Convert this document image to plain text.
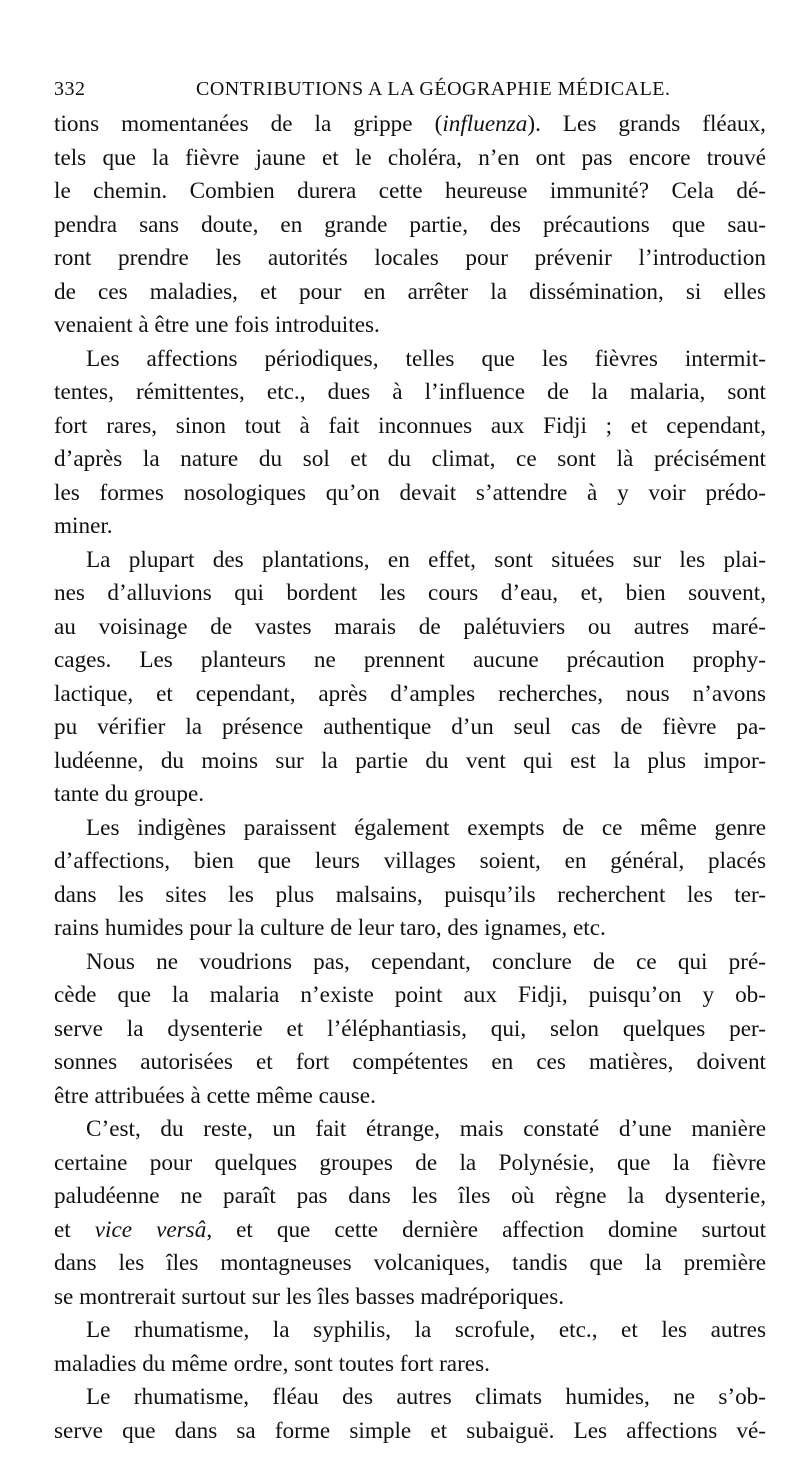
332	CONTRIBUTIONS A LA GÉOGRAPHIE MÉDICALE.
tions momentanées de la grippe (influenza). Les grands fléaux,
tels que la fièvre jaune et le choléra, n’en ont pas encore trouvé
le chemin. Combien durera cette heureuse immunité? Cela dé-
pendra sans doute, en grande partie, des précautions que sau-
ront prendre les autorités locales pour prévenir l’introduction
de ces maladies, et pour en arrêter la dissémination, si elles
venaient à être une fois introduites.
Les affections périodiques, telles que les fièvres intermit-
tentes, rémittentes, etc., dues à l’influence de la malaria, sont
fort rares, sinon tout à fait inconnues aux Fidji ; et cependant,
d’après la nature du sol et du climat, ce sont là précisément
les formes nosologiques qu’on devait s’attendre à y voir prédo-
miner.
La plupart des plantations, en effet, sont situées sur les plai-
nes d’alluvions qui bordent les cours d’eau, et, bien souvent,
au voisinage de vastes marais de palétuviers ou autres maré-
cages. Les planteurs ne prennent aucune précaution prophy-
lactique, et cependant, après d’amples recherches, nous n’avons
pu vérifier la présence authentique d’un seul cas de fièvre pa-
ludéenne, du moins sur la partie du vent qui est la plus impor-
tante du groupe.
Les indigènes paraissent également exempts de ce même genre
d’affections, bien que leurs villages soient, en général, placés
dans les sites les plus malsains, puisqu’ils recherchent les ter-
rains humides pour la culture de leur taro, des ignames, etc.
Nous ne voudrions pas, cependant, conclure de ce qui pré-
cède que la malaria n’existe point aux Fidji, puisqu’on y ob-
serve la dysenterie et l’éléphantiasis, qui, selon quelques per-
sonnes autorisées et fort compétentes en ces matières, doivent
être attribuées à cette même cause.
C’est, du reste, un fait étrange, mais constaté d’une manière
certaine pour quelques groupes de la Polynésie, que la fièvre
paludéenne ne paraît pas dans les îles où règne la dysenterie,
et vice versâ, et que cette dernière affection domine surtout
dans les îles montagneuses volcaniques, tandis que la première
se montrerait surtout sur les îles basses madréporiques.
Le rhumatisme, la syphilis, la scrofule, etc., et les autres
maladies du même ordre, sont toutes fort rares.
Le rhumatisme, fléau des autres climats humides, ne s’ob-
serve que dans sa forme simple et subaiguë. Les affections vé-
